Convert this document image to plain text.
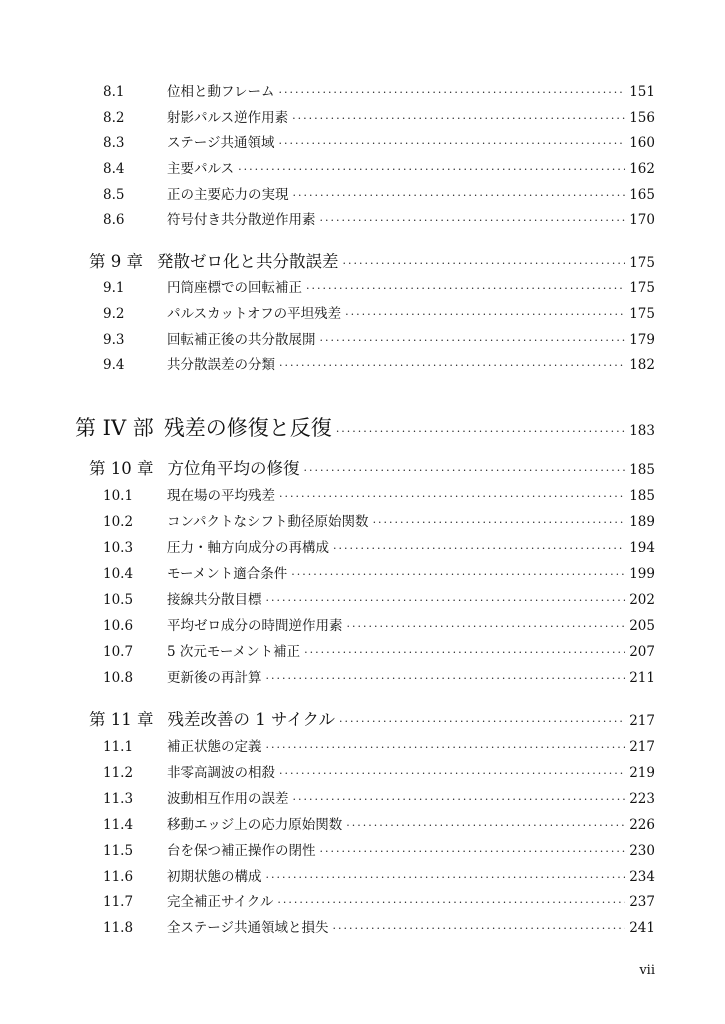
8.1	位相と動フレーム ·····	151
8.2	射影パルス逆作用素 ·····	156
8.3	ステージ共通領域 ·····	160
8.4	主要パルス ·····	162
8.5	正の主要応力の実現 ·····	165
8.6	符号付き共分散逆作用素 ·····	170
第 9 章 発散ゼロ化と共分散誤差 ·····	175
9.1	円筒座標での回転補正 ·····	175
9.2	パルスカットオフの平坦残差 ·····	175
9.3	回転補正後の共分散展開 ·····	179
9.4	共分散誤差の分類 ·····	182
第 IV 部 残差の修復と反復 ·····	183
第 10 章 方位角平均の修復 ·····	185
10.1	現在場の平均残差 ·····	185
10.2	コンパクトなシフト動径原始関数 ·····	189
10.3	圧力・軸方向成分の再構成 ·····	194
10.4	モーメント適合条件 ·····	199
10.5	接線共分散目標 ·····	202
10.6	平均ゼロ成分の時間逆作用素 ·····	205
10.7	5 次元モーメント補正 ·····	207
10.8	更新後の再計算 ·····	211
第 11 章 残差改善の 1 サイクル ·····	217
11.1	補正状態の定義 ·····	217
11.2	非零高調波の相殺 ·····	219
11.3	波動相互作用の誤差 ·····	223
11.4	移動エッジ上の応力原始関数 ·····	226
11.5	台を保つ補正操作の閉性 ·····	230
11.6	初期状態の構成 ·····	234
11.7	完全補正サイクル ·····	237
11.8	全ステージ共通領域と損失 ·····	241
vii
